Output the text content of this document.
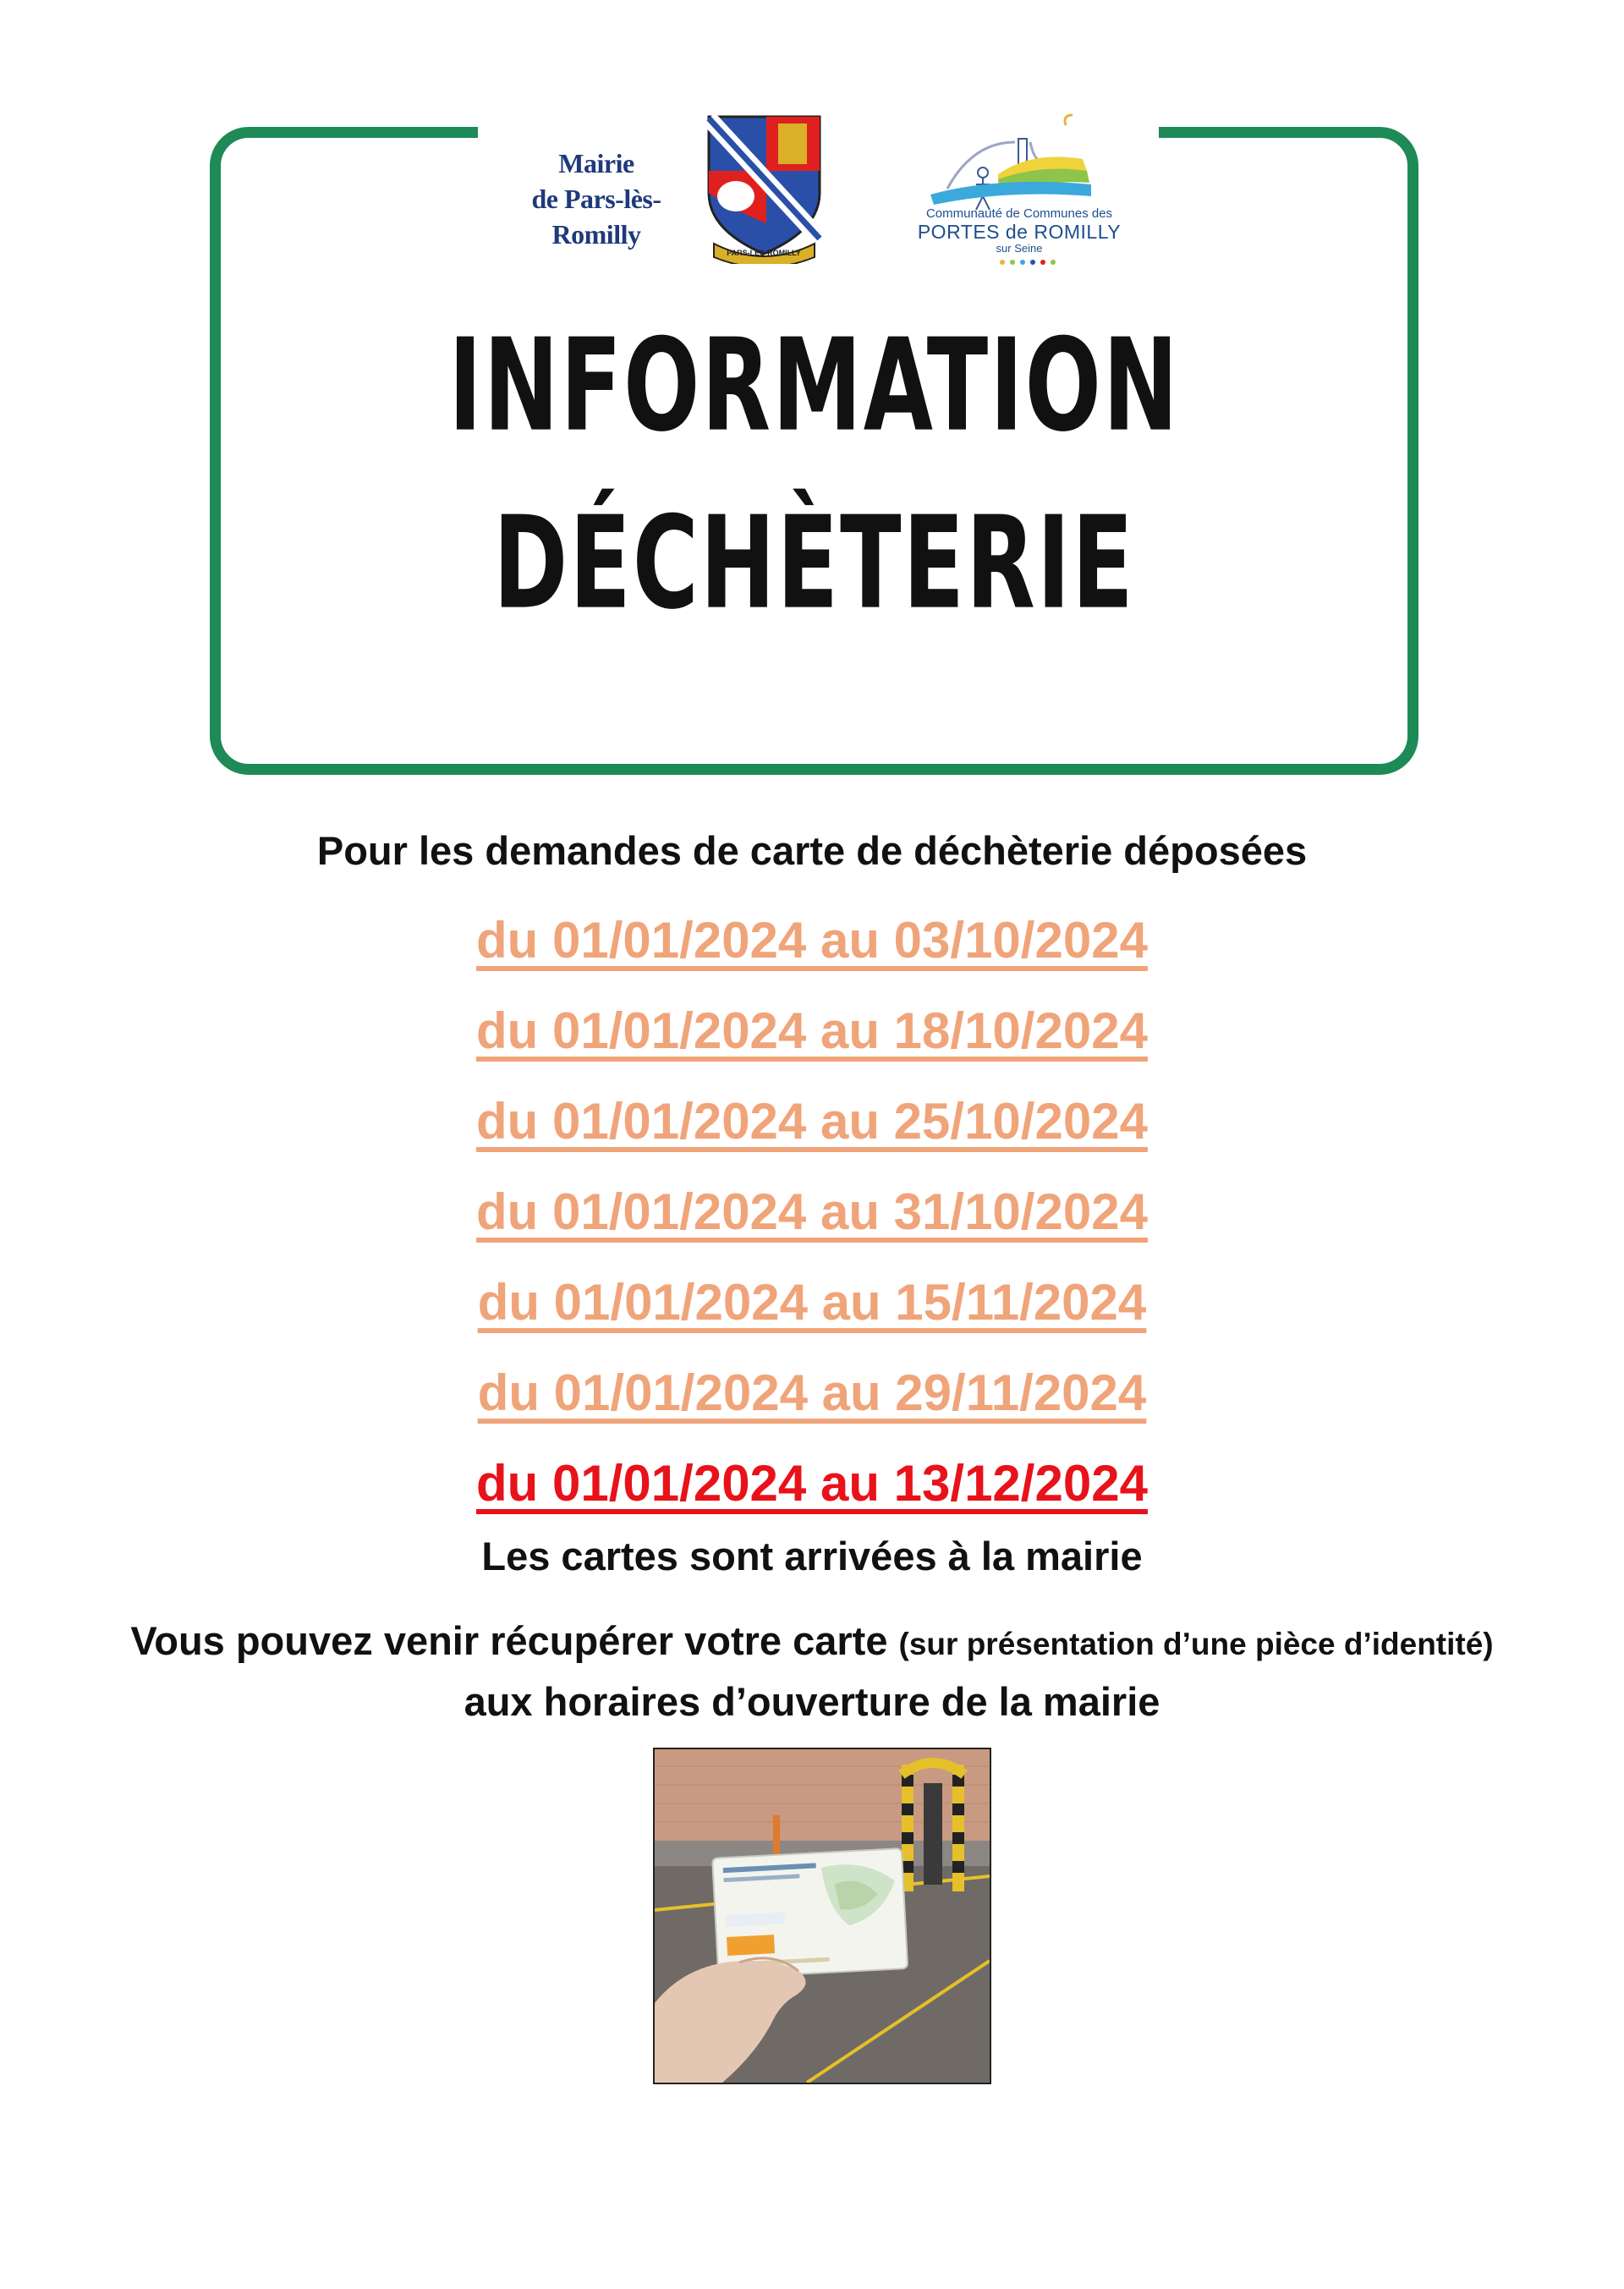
Mairie
de Pars-lès-Romilly
PARS-LES-ROMILLY
Communauté de Communes des
PORTES de ROMILLY
sur Seine
INFORMATION
DÉCHÈTERIE
Pour les demandes de carte de déchèterie déposées
du 01/01/2024 au 03/10/2024
du 01/01/2024 au 18/10/2024
du 01/01/2024 au 25/10/2024
du 01/01/2024 au 31/10/2024
du 01/01/2024 au 15/11/2024
du 01/01/2024 au 29/11/2024
du 01/01/2024 au 13/12/2024
Les cartes sont arrivées à la mairie
Vous pouvez venir récupérer votre carte (sur présentation d’une pièce d’identité)
aux horaires d’ouverture de la mairie
